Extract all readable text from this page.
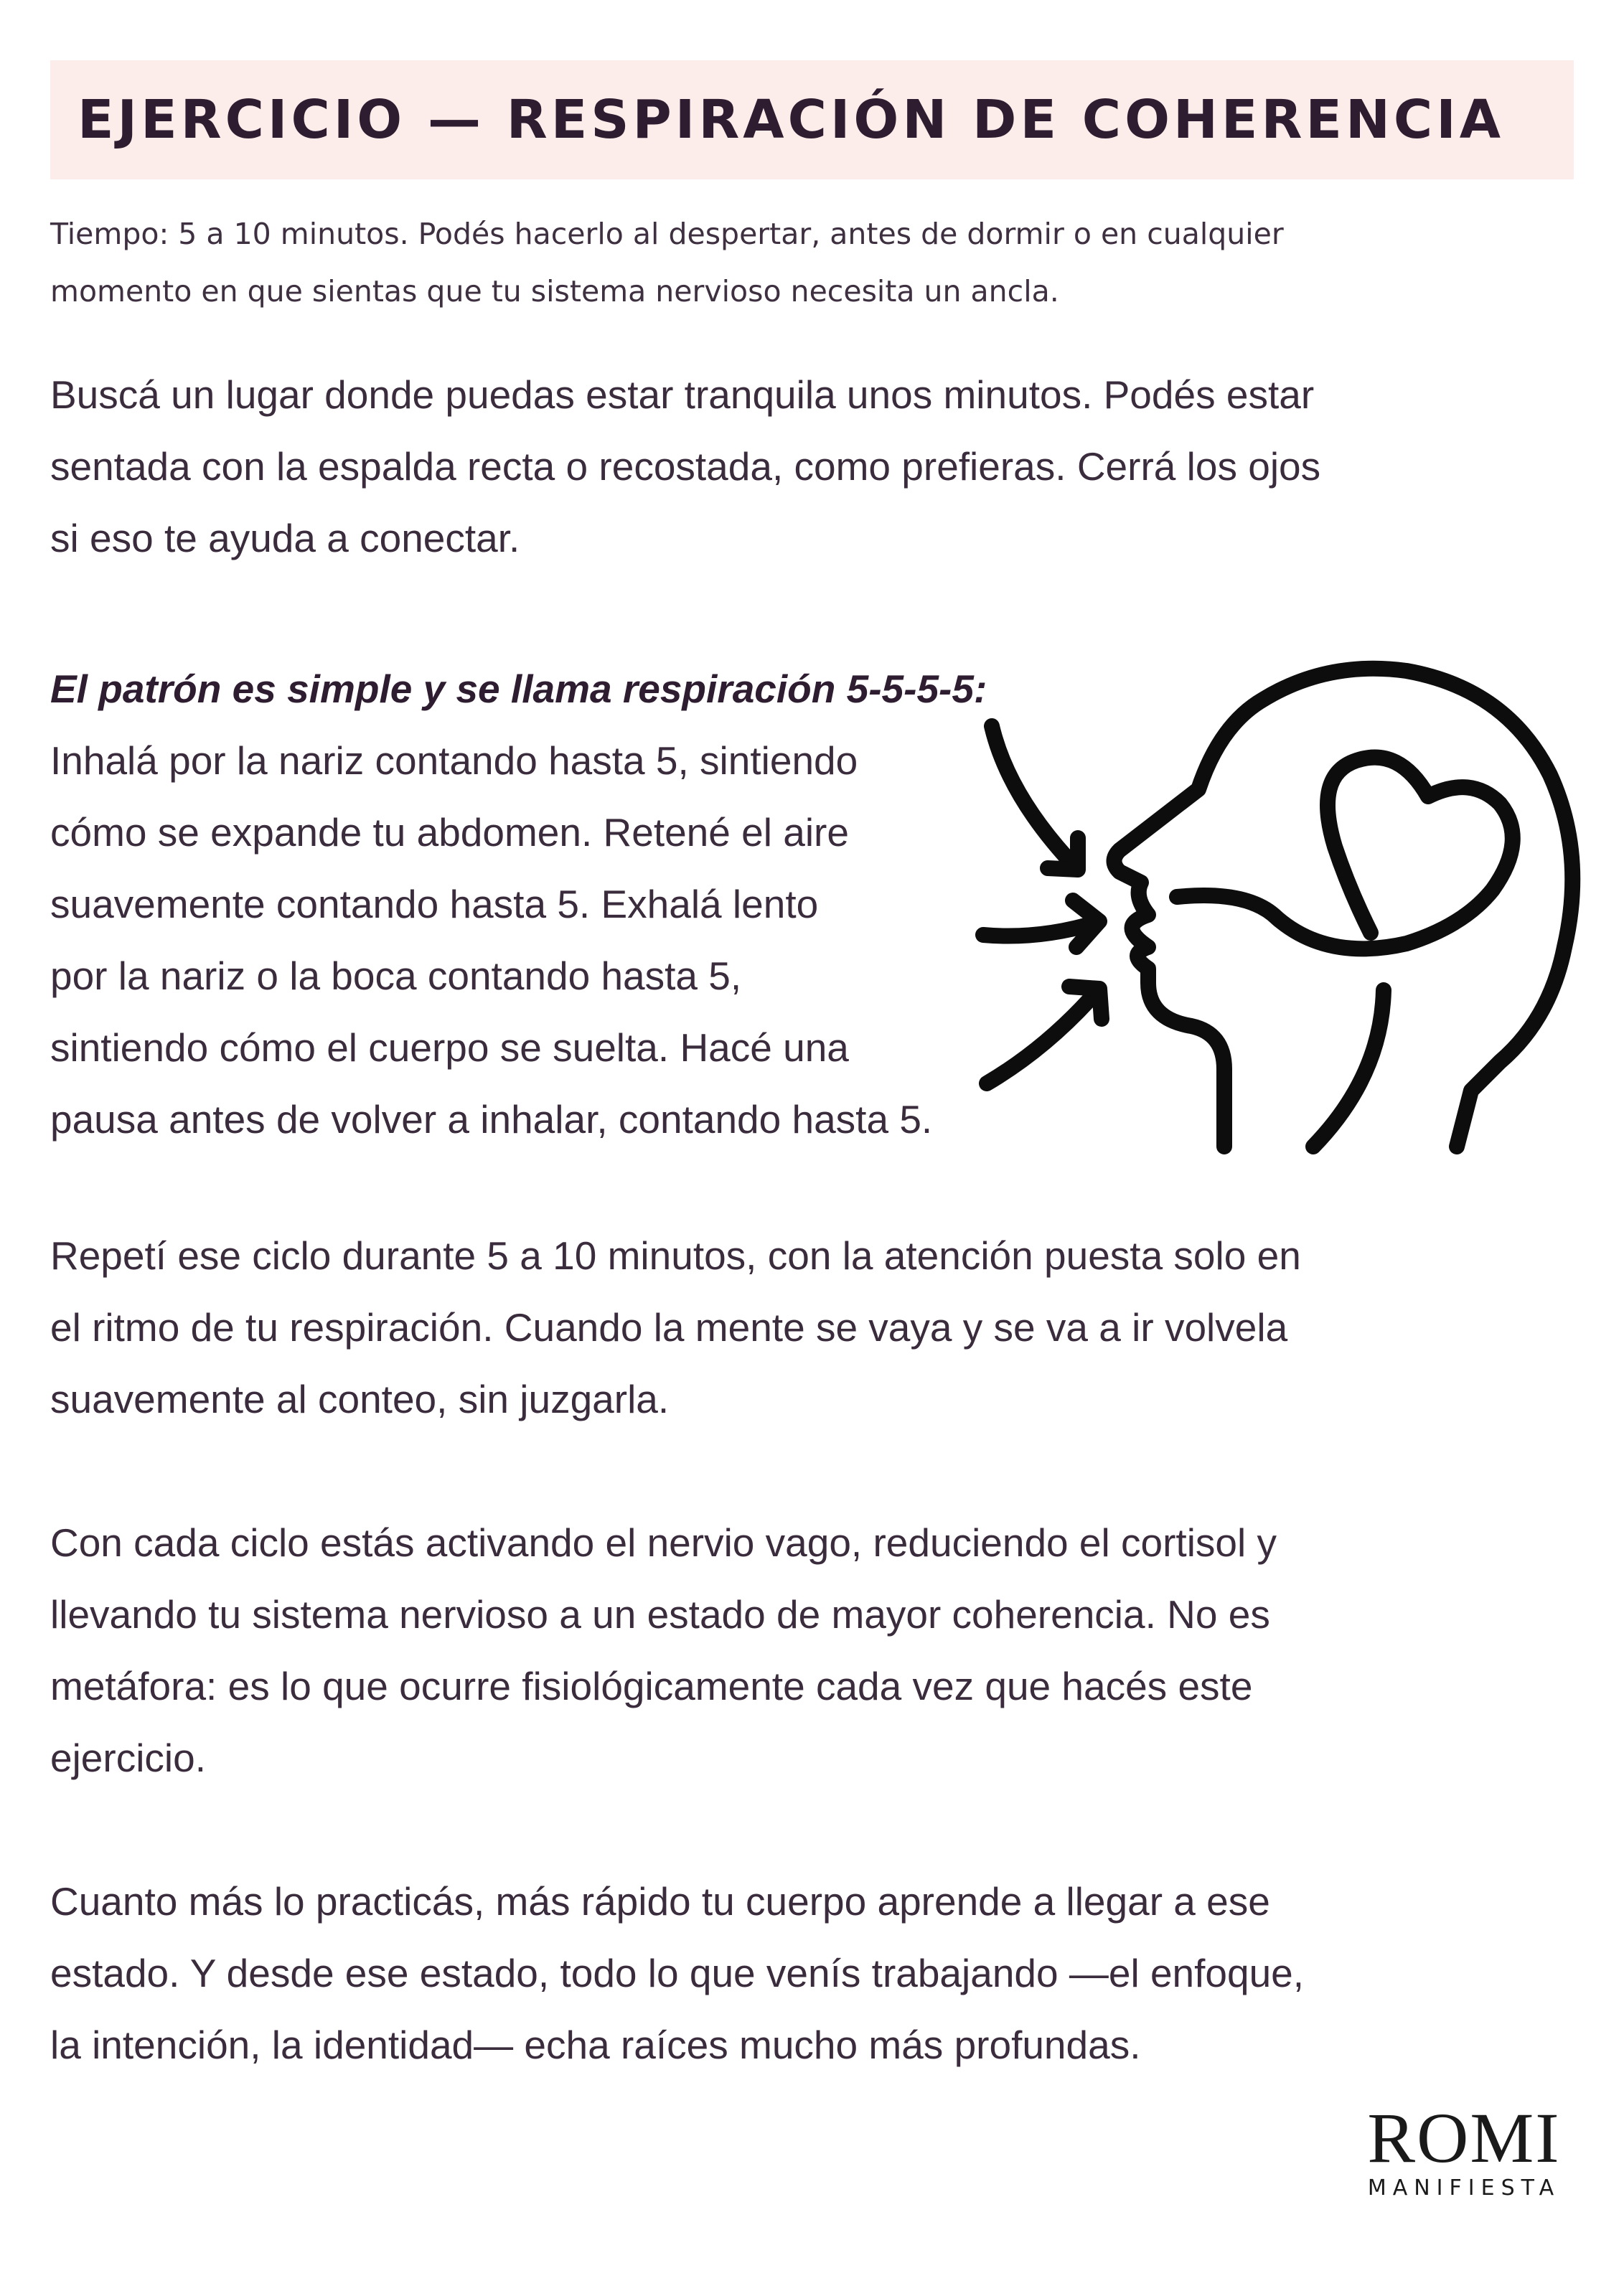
EJERCICIO — RESPIRACIÓN DE COHERENCIA

Tiempo: 5 a 10 minutos. Podés hacerlo al despertar, antes de dormir o en cualquier
momento en que sientas que tu sistema nervioso necesita un ancla.

Buscá un lugar donde puedas estar tranquila unos minutos. Podés estar
sentada con la espalda recta o recostada, como prefieras. Cerrá los ojos
si eso te ayuda a conectar.

El patrón es simple y se llama respiración 5-5-5-5:
Inhalá por la nariz contando hasta 5, sintiendo
cómo se expande tu abdomen. Retené el aire
suavemente contando hasta 5. Exhalá lento
por la nariz o la boca contando hasta 5,
sintiendo cómo el cuerpo se suelta. Hacé una
pausa antes de volver a inhalar, contando hasta 5.

Repetí ese ciclo durante 5 a 10 minutos, con la atención puesta solo en
el ritmo de tu respiración. Cuando la mente se vaya y se va a ir volvela
suavemente al conteo, sin juzgarla.

Con cada ciclo estás activando el nervio vago, reduciendo el cortisol y
llevando tu sistema nervioso a un estado de mayor coherencia. No es
metáfora: es lo que ocurre fisiológicamente cada vez que hacés este
ejercicio.

Cuanto más lo practicás, más rápido tu cuerpo aprende a llegar a ese
estado. Y desde ese estado, todo lo que venís trabajando —el enfoque,
la intención, la identidad— echa raíces mucho más profundas.

ROMI
MANIFIESTA
